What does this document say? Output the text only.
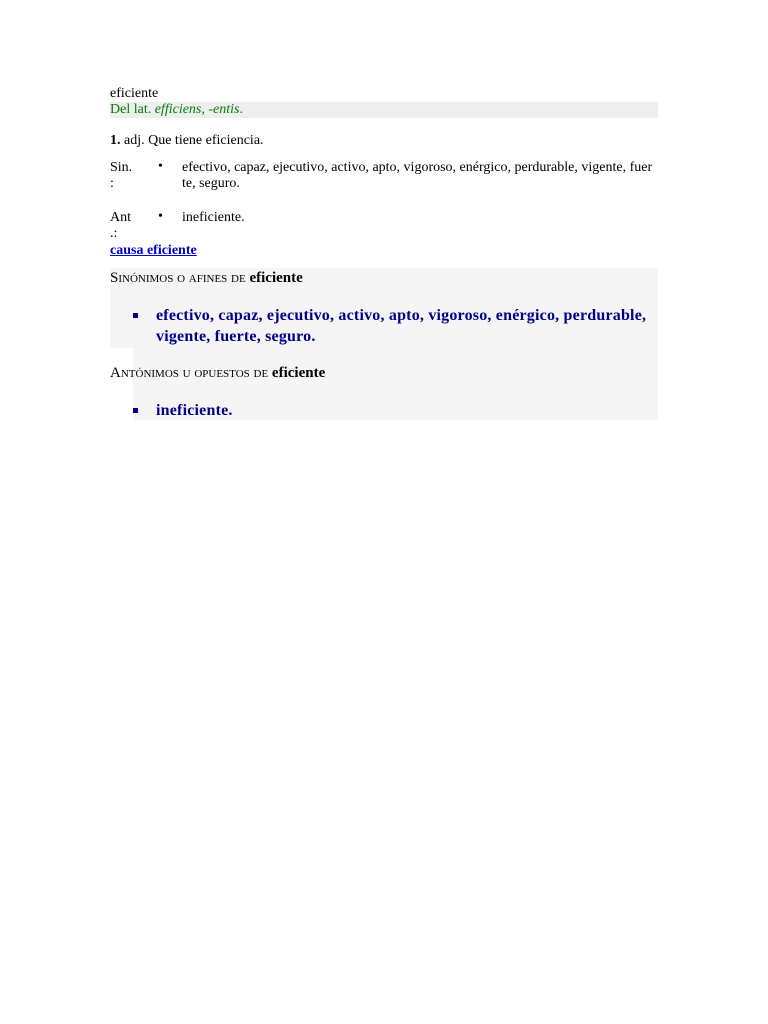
eficiente
Del lat. efficiens, -entis.
1. adj. Que tiene eficiencia.
Sin.
:
• efectivo, capaz, ejecutivo, activo, apto, vigoroso, enérgico, perdurable, vigente, fuerte, seguro.
Ant
.:
• ineficiente.
causa eficiente
Sinónimos o afines de eficiente
efectivo, capaz, ejecutivo, activo, apto, vigoroso, enérgico, perdurable, vigente, fuerte, seguro.
Antónimos u opuestos de eficiente
ineficiente.
